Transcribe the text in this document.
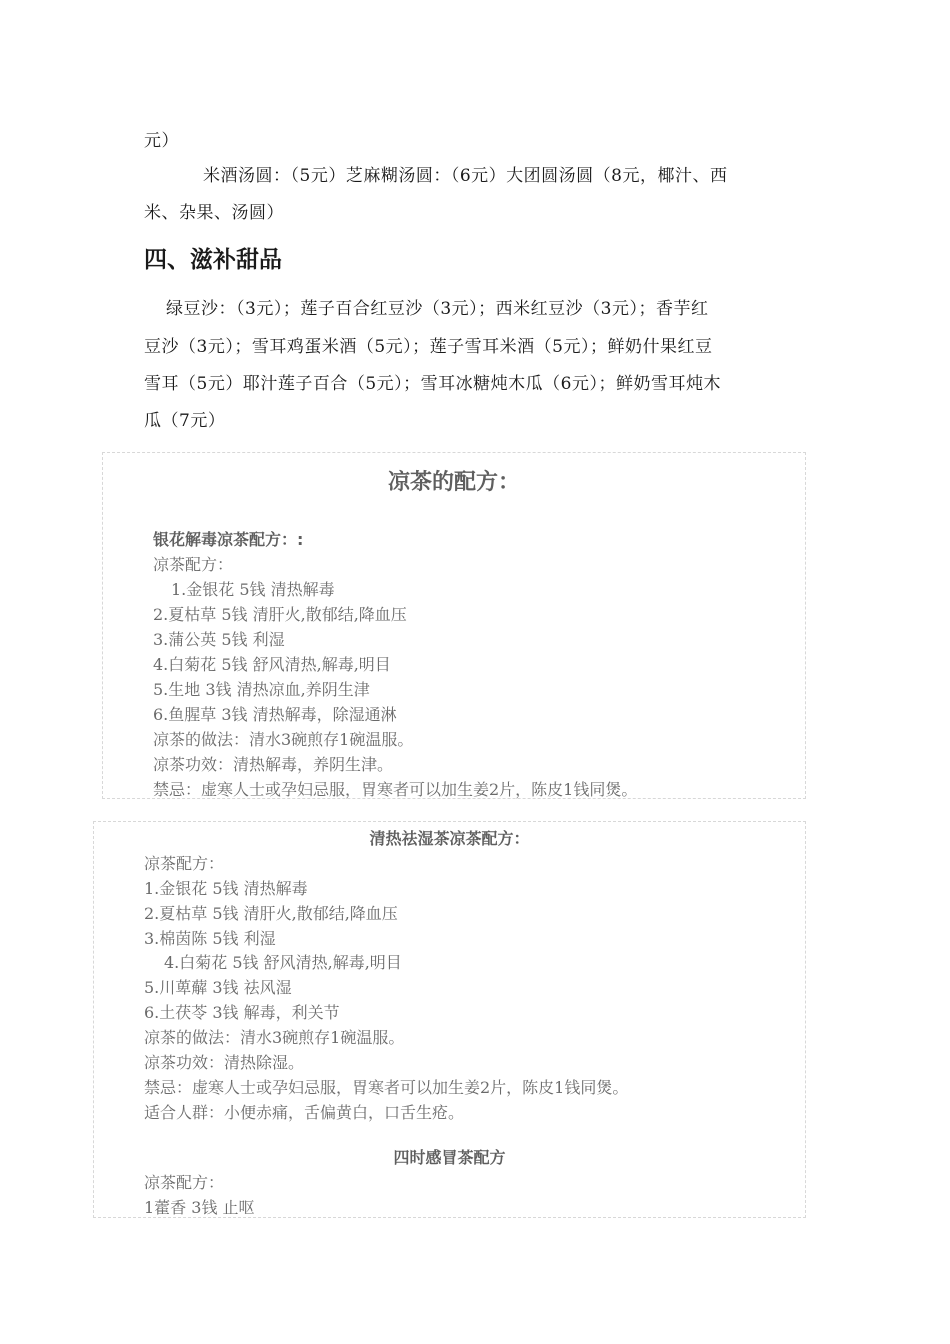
元）
米酒汤圆：（5元）芝麻糊汤圆：（6元）大团圆汤圆（8元，椰汁、西
米、杂果、汤圆）
四、滋补甜品
绿豆沙：（3元）；莲子百合红豆沙（3元）；西米红豆沙（3元）；香芋红
豆沙（3元）；雪耳鸡蛋米酒（5元）；莲子雪耳米酒（5元）；鲜奶什果红豆
雪耳（5元）耶汁莲子百合（5元）；雪耳冰糖炖木瓜（6元）；鲜奶雪耳炖木
瓜（7元）
凉茶的配方：
银花解毒凉茶配方：:
凉茶配方：
1.金银花 5钱 清热解毒
2.夏枯草 5钱 清肝火,散郁结,降血压
3.蒲公英 5钱 利湿
4.白菊花 5钱 舒风清热,解毒,明目
5.生地 3钱 清热凉血,养阴生津
6.鱼腥草 3钱 清热解毒，除湿通淋
凉茶的做法：清水3碗煎存1碗温服。
凉茶功效：清热解毒，养阴生津。
禁忌：虚寒人士或孕妇忌服，胃寒者可以加生姜2片，陈皮1钱同煲。
清热祛湿茶凉茶配方：
凉茶配方：
1.金银花 5钱 清热解毒
2.夏枯草 5钱 清肝火,散郁结,降血压
3.棉茵陈 5钱 利湿
4.白菊花 5钱 舒风清热,解毒,明目
5.川萆薢 3钱 祛风湿
6.土茯苓 3钱 解毒，利关节
凉茶的做法：清水3碗煎存1碗温服。
凉茶功效：清热除湿。
禁忌：虚寒人士或孕妇忌服，胃寒者可以加生姜2片，陈皮1钱同煲。
适合人群：小便赤痛，舌偏黄白，口舌生疮。
四时感冒茶配方
凉茶配方：
1藿香 3钱 止呕
